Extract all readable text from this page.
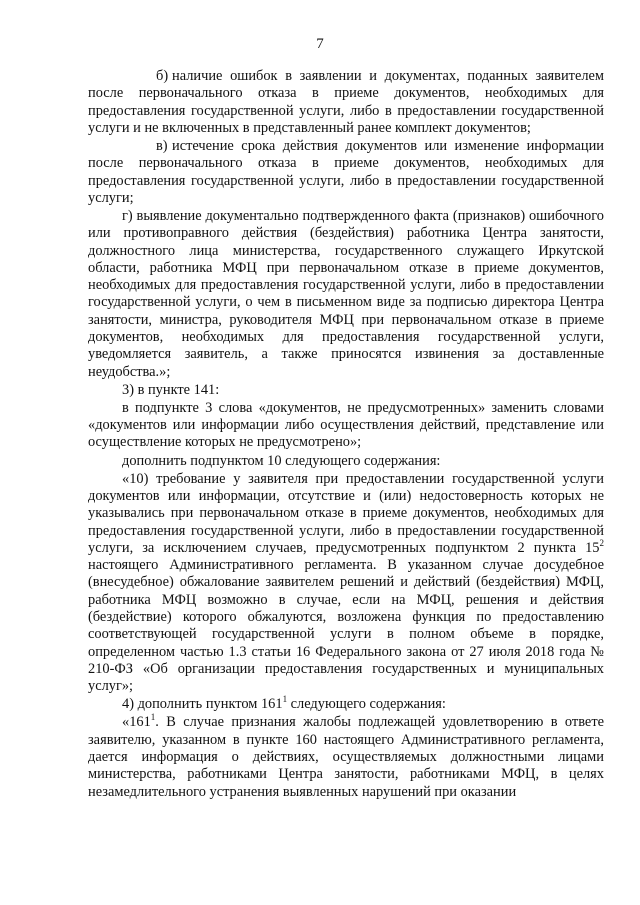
7

б) наличие ошибок в заявлении и документах, поданных заявителем после первоначального отказа в приеме документов, необходимых для предоставления государственной услуги, либо в предоставлении государственной услуги и не включенных в представленный ранее комплект документов;

в) истечение срока действия документов или изменение информации после первоначального отказа в приеме документов, необходимых для предоставления государственной услуги, либо в предоставлении государственной услуги;

г) выявление документально подтвержденного факта (признаков) ошибочного или противоправного действия (бездействия) работника Центра занятости, должностного лица министерства, государственного служащего Иркутской области, работника МФЦ при первоначальном отказе в приеме документов, необходимых для предоставления государственной услуги, либо в предоставлении государственной услуги, о чем в письменном виде за подписью директора Центра занятости, министра, руководителя МФЦ при первоначальном отказе в приеме документов, необходимых для предоставления государственной услуги, уведомляется заявитель, а также приносятся извинения за доставленные неудобства.»;

3) в пункте 141:

в подпункте 3 слова «документов, не предусмотренных» заменить словами «документов или информации либо осуществления действий, представление или осуществление которых не предусмотрено»;

дополнить подпунктом 10 следующего содержания:

«10) требование у заявителя при предоставлении государственной услуги документов или информации, отсутствие и (или) недостоверность которых не указывались при первоначальном отказе в приеме документов, необходимых для предоставления государственной услуги, либо в предоставлении государственной услуги, за исключением случаев, предусмотренных подпунктом 2 пункта $15^2$ настоящего Административного регламента. В указанном случае досудебное (внесудебное) обжалование заявителем решений и действий (бездействия) МФЦ, работника МФЦ возможно в случае, если на МФЦ, решения и действия (бездействие) которого обжалуются, возложена функция по предоставлению соответствующей государственной услуги в полном объеме в порядке, определенном частью 1.3 статьи 16 Федерального закона от 27 июля 2018 года № 210-ФЗ «Об организации предоставления государственных и муниципальных услуг»;

4) дополнить пунктом $161^1$ следующего содержания:

«$161^1$. В случае признания жалобы подлежащей удовлетворению в ответе заявителю, указанном в пункте 160 настоящего Административного регламента, дается информация о действиях, осуществляемых должностными лицами министерства, работниками Центра занятости, работниками МФЦ, в целях незамедлительного устранения выявленных нарушений при оказании
